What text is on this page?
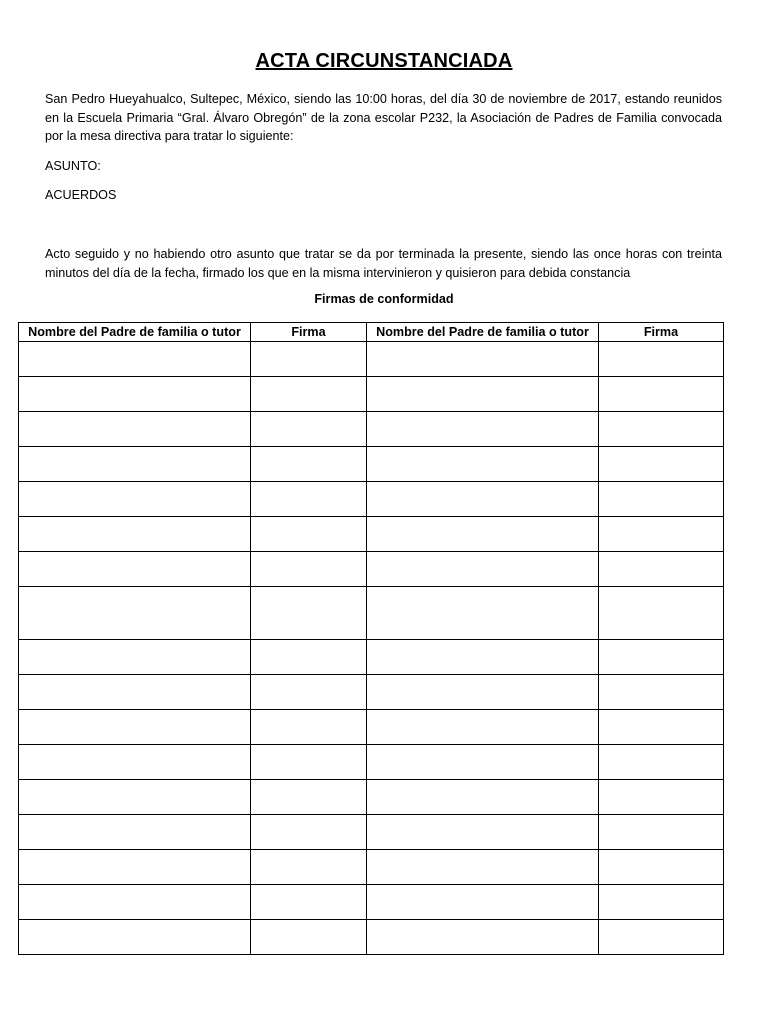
ACTA CIRCUNSTANCIADA
San Pedro Hueyahualco, Sultepec, México, siendo las 10:00 horas, del día 30 de noviembre de 2017, estando reunidos en la Escuela Primaria “Gral. Álvaro Obregón” de la zona escolar P232, la Asociación de Padres de Familia convocada por la mesa directiva para tratar lo siguiente:
ASUNTO:
ACUERDOS
Acto seguido y no habiendo otro asunto que tratar se da por terminada la presente, siendo las once horas con treinta minutos del día de la fecha, firmado los que en la misma intervinieron y quisieron para debida constancia
Firmas de conformidad
Nombre del Padre de familia o tutor	Firma	Nombre del Padre de familia o tutor	Firma
